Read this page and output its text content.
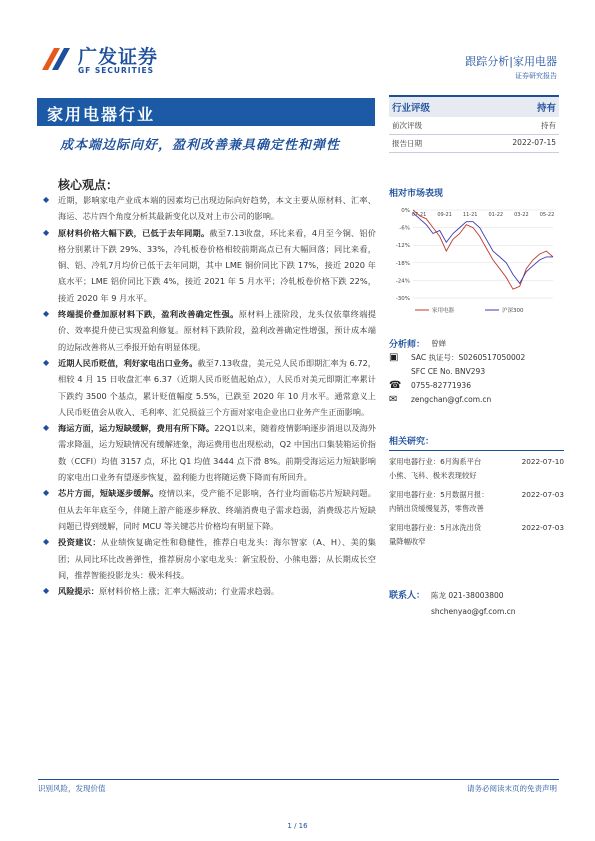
广发证券
GF SECURITIES
跟踪分析|家用电器
证券研究报告
家用电器行业
成本端边际向好，盈利改善兼具确定性和弹性
核心观点：
◆ 近期，影响家电产业成本端的因素均已出现边际向好趋势，本文主要从原材料、汇率、海运、芯片四个角度分析其最新变化以及对上市公司的影响。
◆ 原材料价格大幅下跌，已低于去年同期。截至7.13收盘，环比来看，4月至今铜、铝价格分别累计下跌 29%、33%，冷轧板卷价格相较前期高点已有大幅回落；同比来看，铜、铝、冷轧7月均价已低于去年同期，其中 LME 铜价同比下跌 17%，接近 2020 年底水平；LME 铝价同比下跌 4%，接近 2021 年 5 月水平；冷轧板卷价格下跌 22%，接近 2020 年 9 月水平。
◆ 终端提价叠加原材料下跌，盈利改善确定性强。原材料上涨阶段，龙头仅依靠终端提价、效率提升使已实现盈利修复。原材料下跌阶段，盈利改善确定性增强，预计成本端的边际改善将从三季报开始有明显体现。
◆ 近期人民币贬值，利好家电出口业务。截至7.13收盘，美元兑人民币即期汇率为 6.72，相较 4 月 15 日收盘汇率 6.37（近期人民币贬值起始点），人民币对美元即期汇率累计下跌约 3500 个基点，累计贬值幅度 5.5%，已跌至 2020 年 10 月水平。通常意义上人民币贬值会从收入、毛利率、汇兑损益三个方面对家电企业出口业务产生正面影响。
◆ 海运方面，运力短缺缓解，费用有所下降。22Q1以来，随着疫情影响逐步消退以及海外需求降温，运力短缺情况有缓解迹象，海运费用也出现松动，Q2 中国出口集装箱运价指数（CCFI）均值 3157 点，环比 Q1 均值 3444 点下滑 8%。前期受海运运力短缺影响的家电出口业务有望逐步恢复，盈利能力也将随运费下降而有所回升。
◆ 芯片方面，短缺逐步缓解。疫情以来，受产能不足影响，各行业均面临芯片短缺问题。但从去年年底至今，伴随上游产能逐步释放、终端消费电子需求趋弱，消费级芯片短缺问题已得到缓解，同时 MCU 等关键芯片价格均有明显下降。
◆ 投资建议：从业绩恢复确定性和稳健性，推荐白电龙头：海尔智家（A、H）、美的集团；从同比环比改善弹性，推荐厨房小家电龙头：新宝股份、小熊电器；从长期成长空间，推荐智能投影龙头：极米科技。
◆ 风险提示：原材料价格上涨；汇率大幅波动；行业需求趋弱。
行业评级	持有
前次评级	持有
报告日期	2022-07-15
相对市场表现
0%
-6%
-12%
-18%
-24%
-30%
07-21 09-21 11-21 01-22 03-22 05-22
家用电器	沪深300
分析师： 曾婵
▣	SAC 执证号：S0260517050002
SFC CE No. BNV293
☎	0755-82771936
✉	zengchan@gf.com.cn
相关研究：
家用电器行业：6月淘系平台	2022-07-10
小熊、飞科、极米表现较好
家用电器行业：5月数据月报：	2022-07-03
内销出货缓慢复苏，零售改善
家用电器行业：5月冰洗出货	2022-07-03
量降幅收窄
联系人： 陈龙 021-38003800
shchenyao@gf.com.cn
识别风险，发现价值	请务必阅读末页的免责声明
1 / 16
